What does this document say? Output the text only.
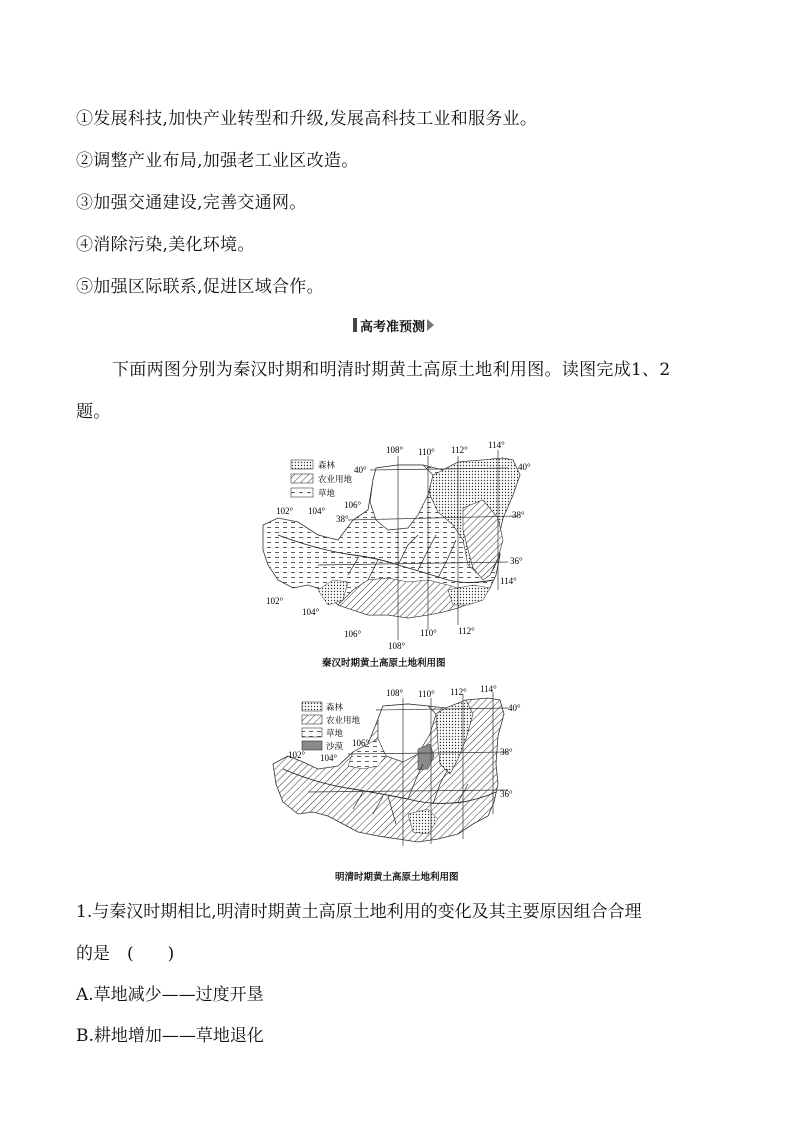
①发展科技,加快产业转型和升级,发展高科技工业和服务业。
②调整产业布局,加强老工业区改造。
③加强交通建设,完善交通网。
④消除污染,美化环境。
⑤加强区际联系,促进区域合作。
高考准预测
下面两图分别为秦汉时期和明清时期黄土高原土地利用图。读图完成1、2
题。
森林
农业用地
草地
108° 110° 112° 114°
40°	40°
106°
38°	38°
102° 104°
36°
114°
102°
104°
106°	110° 112°
108°
秦汉时期黄土高原土地利用图
森林
农业用地
草地
沙漠
108° 110° 112° 114°
40°
106°
104°
102°	38°
36°
明清时期黄土高原土地利用图
1.与秦汉时期相比,明清时期黄土高原土地利用的变化及其主要原因组合合理
的是 (  )
A.草地减少——过度开垦
B.耕地增加——草地退化
